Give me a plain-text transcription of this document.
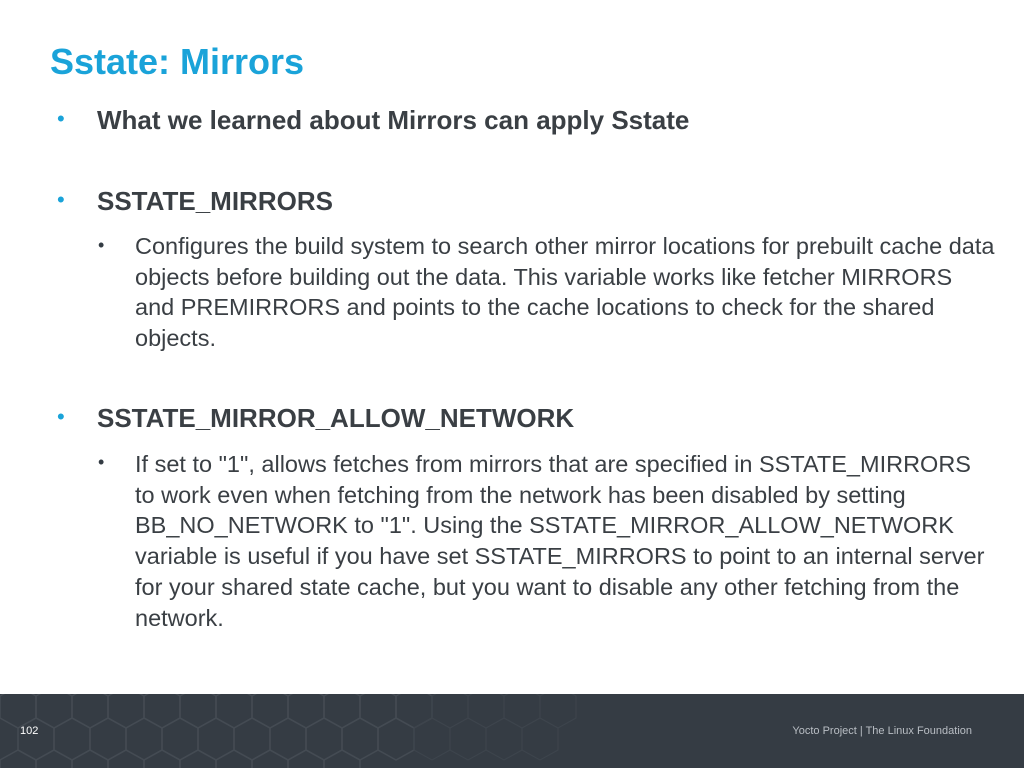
Sstate: Mirrors
• What we learned about Mirrors can apply Sstate
• SSTATE_MIRRORS
• Configures the build system to search other mirror locations for prebuilt cache data objects before building out the data. This variable works like fetcher MIRRORS and PREMIRRORS and points to the cache locations to check for the shared objects.

• SSTATE_MIRROR_ALLOW_NETWORK
• If set to "1", allows fetches from mirrors that are specified in SSTATE_MIRRORS to work even when fetching from the network has been disabled by setting BB_NO_NETWORK to "1". Using the SSTATE_MIRROR_ALLOW_NETWORK variable is useful if you have set SSTATE_MIRRORS to point to an internal server for your shared state cache, but you want to disable any other fetching from the network.

102	Yocto Project | The Linux Foundation
